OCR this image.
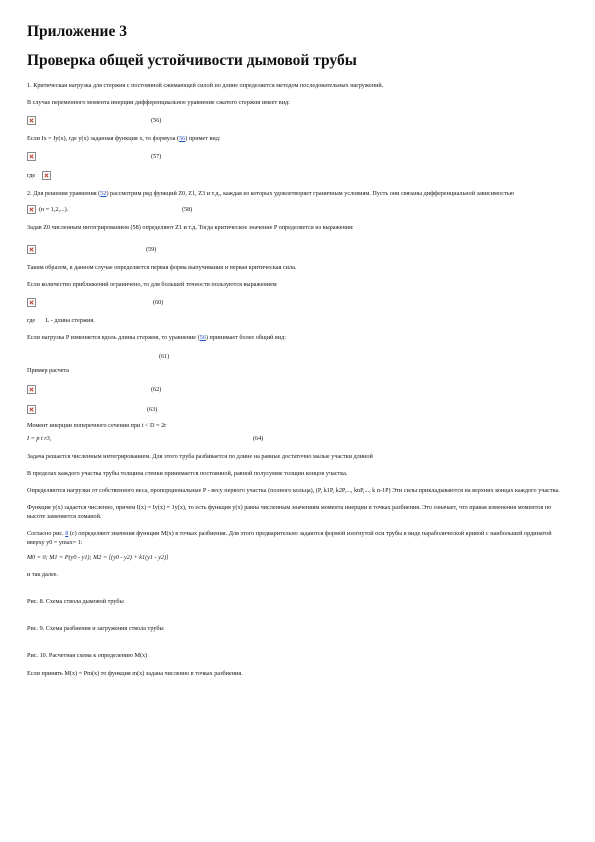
Приложение 3
Проверка общей устойчивости дымовой трубы
1. Критическая нагрузка для стержня с постоянной сжимающей силой по длине определяется методом последовательных нагружений.
В случае переменного момента инерции дифференциальное уравнение сжатого стержня имеет вид:
(56)
Если Ix = Iy(x), где y(x) заданная функция x, то формула (56) примет вид:
(57)
где
2. Для решения уравнения (52) рассмотрим ряд функций Z0, Z1, Z3 и т.д., каждая из которых удовлетворяет граничным условиям. Пусть они связаны дифференциальной зависимостью
(n = 1,2,...).	(58)
Задав Z0 численным интегрированием (58) определяют Z1 и т.д. Тогда критическое значение P определяется из выражения:
(59)
Таким образом, в данном случае определяется первая форма выпучивания и первая критическая сила.
Если количество приближений ограничено, то для большей точности пользуются выражением
(60)
где L - длина стержня.
Если нагрузка P изменяется вдоль длины стержня, то уравнение (56) принимает более общий вид:
(61)
Пример расчета
(62)
(63)
Момент инерции поперечного сечения при t < D = 2r
I = p t r3,	(64)
Задача решается численным интегрированием. Для этого труба разбивается по длине на равные достаточно малые участки длиной
В пределах каждого участка трубы толщина стенки принимается постоянной, равной полусумме толщин концов участка.
Определяются нагрузки от собственного веса, пропорциональные P - весу первого участка (полного кольца), (P, k1P, k2P,..., knP,..., k n-1P) Эти силы прикладываются на верхних концах каждого участка.
Функция y(x) задается численно, причем I(x) = Iy(x) = 1y(x), то есть функция y(x) равна численным значениям момента инерции в точках разбиения. Это означает, что правая изменения моментов по высоте заменяется ломаной.
Согласно рис. 8 (с) определяют значения функции M(x) в точках разбиения. Для этого предварительно задаются формой изогнутой оси трубы в виде параболической кривой с наибольшей ординатой вверху y0 = ymax= 1:
M0 = 0; M1 = P(y0 - y1); M2 = [(y0 - y2) + k1(y1 - y2)]
и так далее.
Рис. 8. Схема ствола дымовой трубы
Рис. 9. Схема разбиения и загружения ствола трубы
Рис. 10. Расчетная схема к определению M(x)
Если принять M(x) = Pm(x) то функция m(x) задана численно в точках разбиения.
